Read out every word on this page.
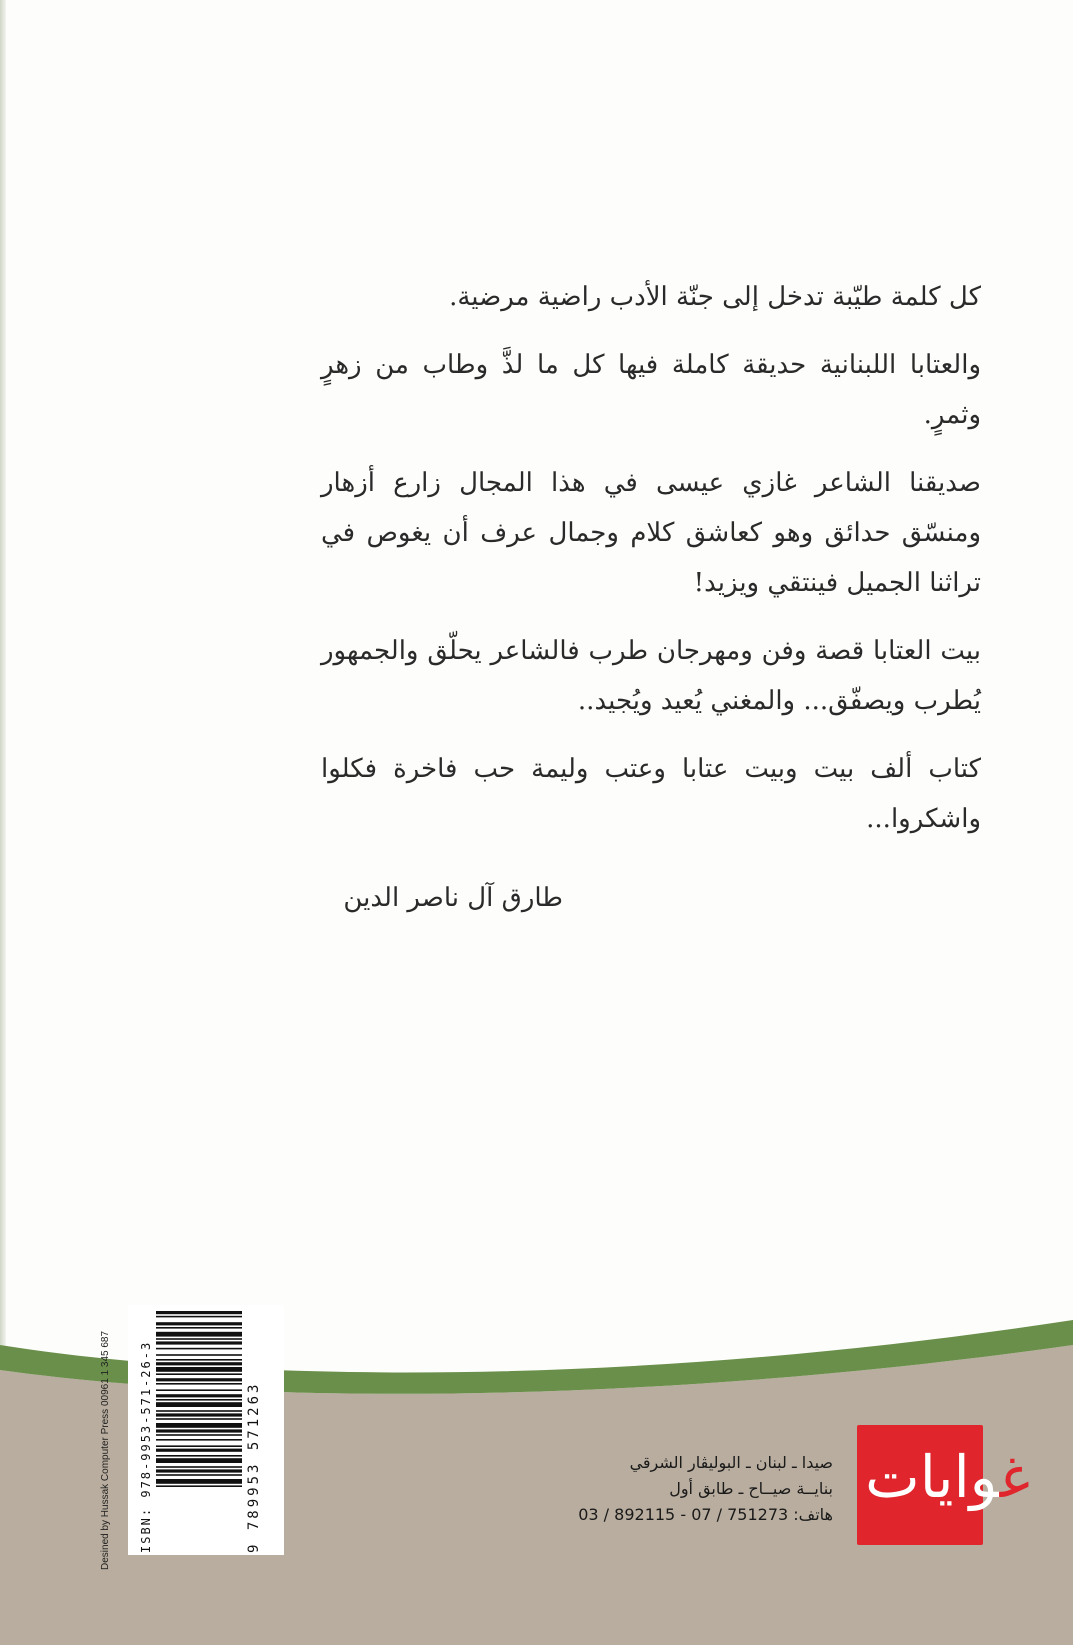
كل كلمة طيّبة تدخل إلى جنّة الأدب راضية مرضية.

والعتابا اللبنانية حديقة كاملة فيها كل ما لذَّ وطاب من زهرٍ وثمرٍ.

صديقنا الشاعر غازي عيسى في هذا المجال زارع أزهار ومنسّق حدائق وهو كعاشق كلام وجمال عرف أن يغوص في تراثنا الجميل فينتقي ويزيد!

بيت العتابا قصة وفن ومهرجان طرب فالشاعر يحلّق والجمهور يُطرب ويصفّق... والمغني يُعيد ويُجيد..

كتاب ألف بيت وبيت عتابا وعتب وليمة حب فاخرة فكلوا واشكروا...

طارق آل ناصر الدين
صيدا ـ لبنان ـ البوليڤار الشرقي
بنايــة صيــاح ـ طابق أول
هاتف: 751273 / 07 - 892115 / 03
غوايات
ISBN: 978-9953-571-26-3	9 789953 571263
Desined by Hussak Computer Press 00961 1 345 687
